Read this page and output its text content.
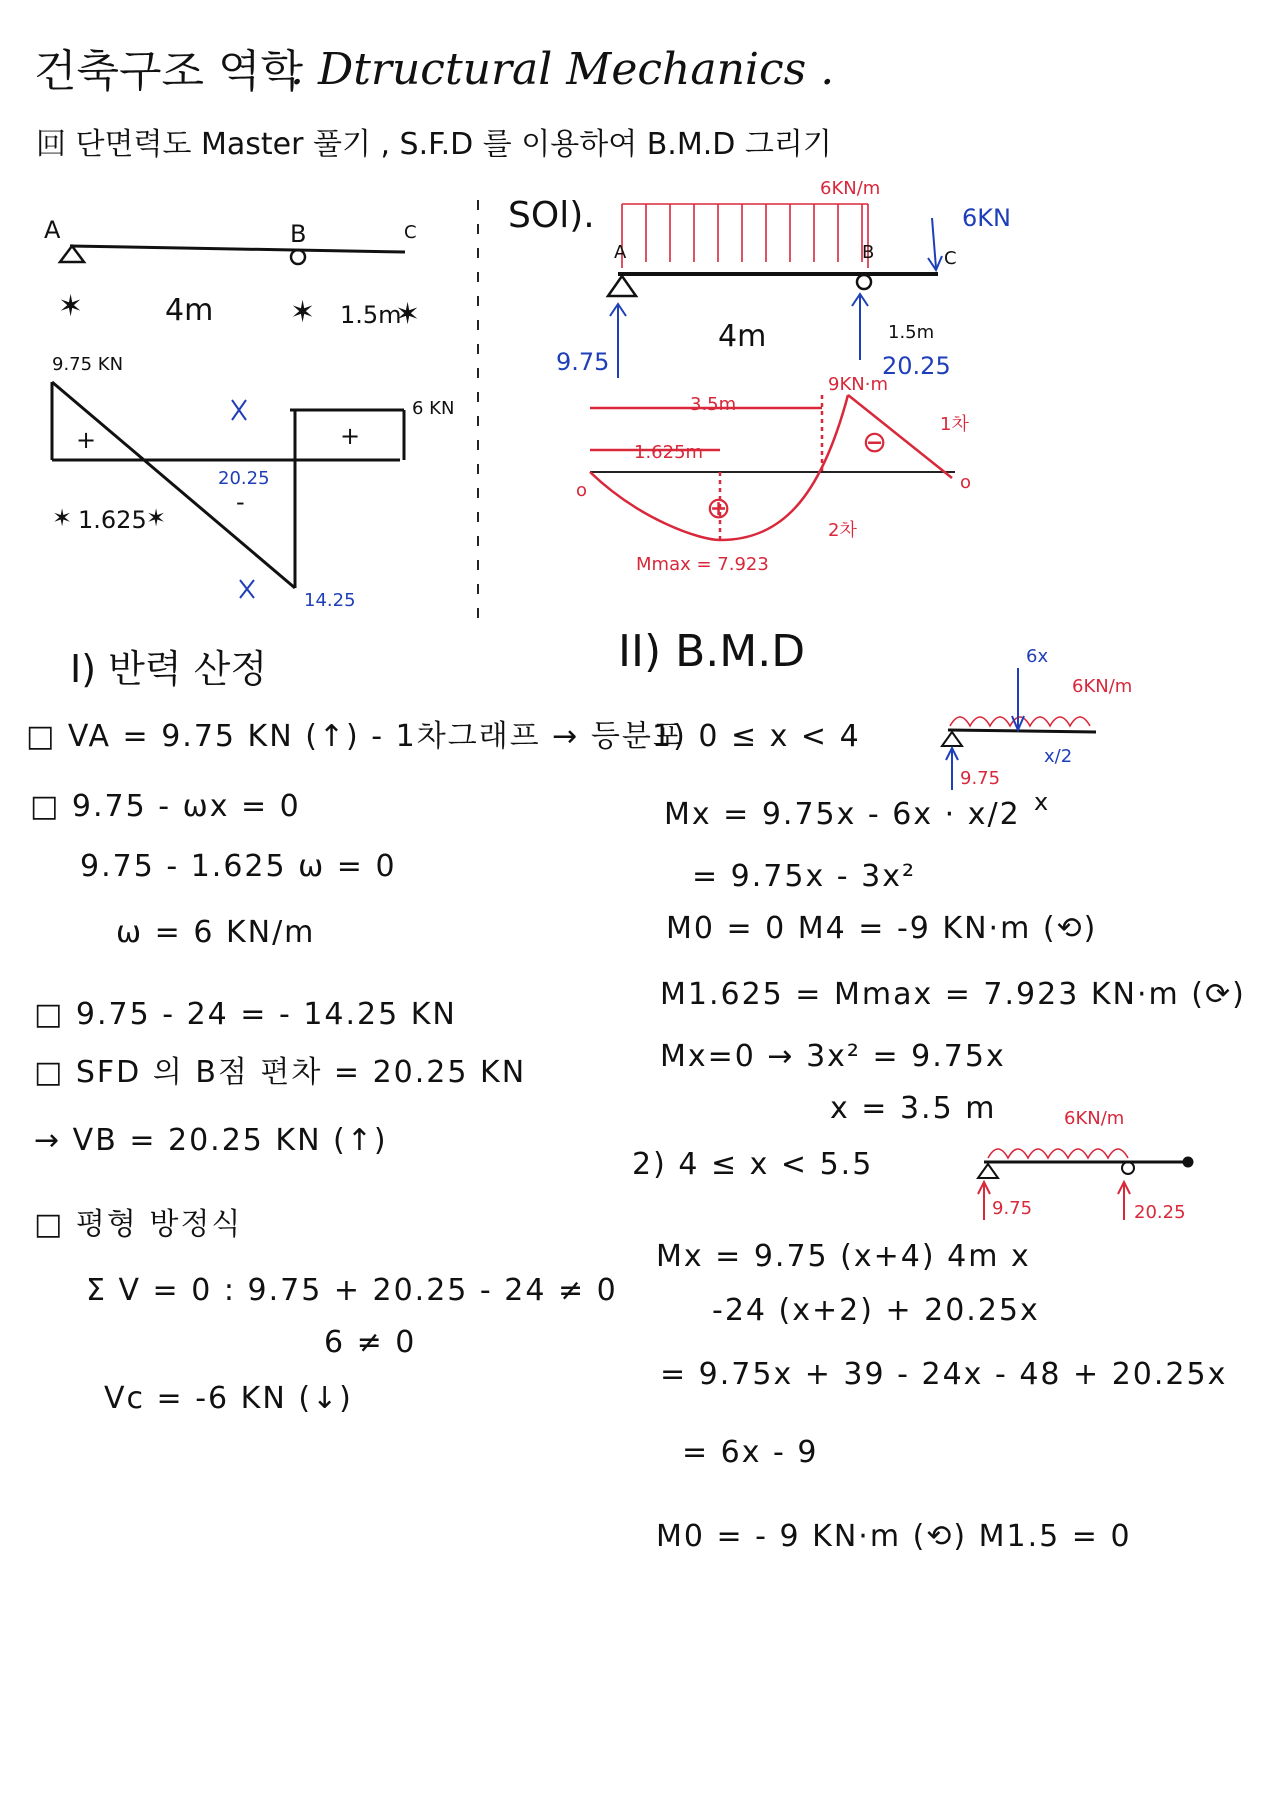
건축구조 역학
. Dtructural Mechanics .
回 단면력도 Master 풀기 , S.F.D 를 이용하여 B.M.D 그리기
A	B	C
4m	1.5m
✶	✶	✶
9.75 KN
6 KN
+	+
-
20.25
14.25
1.625
✶	✶
SOl).
6KN/m
6KN
A	B	C
9.75	20.25
4m	1.5m
9KN·m
3.5m
1.625m
⊕
⊖
2차
1차
Mmax = 7.923
o	o
I) 반력 산정
□ VA = 9.75 KN (↑) - 1차그래프 → 등분포
□ 9.75 - ωx = 0
9.75 - 1.625 ω = 0
ω = 6 KN/m
□ 9.75 - 24 = - 14.25 KN
□ SFD 의 B점 편차 = 20.25 KN
→ VB = 20.25 KN (↑)
□ 평형 방정식
Σ V = 0 : 9.75 + 20.25 - 24 ≠ 0
6 ≠ 0
Vc = -6 KN (↓)
II) B.M.D
1) 0 ≤ x < 4
6x
6KN/m
9.75
x/2
x
Mx = 9.75x - 6x · x/2
= 9.75x - 3x²
M0 = 0 M4 = -9 KN·m (⟲)
M1.625 = Mmax = 7.923 KN·m (⟳)
Mx=0 → 3x² = 9.75x
x = 3.5 m
2) 4 ≤ x < 5.5
6KN/m
9.75	20.25
Mx = 9.75 (x+4) 4m x
-24 (x+2) + 20.25x
= 9.75x + 39 - 24x - 48 + 20.25x
= 6x - 9
M0 = - 9 KN·m (⟲) M1.5 = 0
